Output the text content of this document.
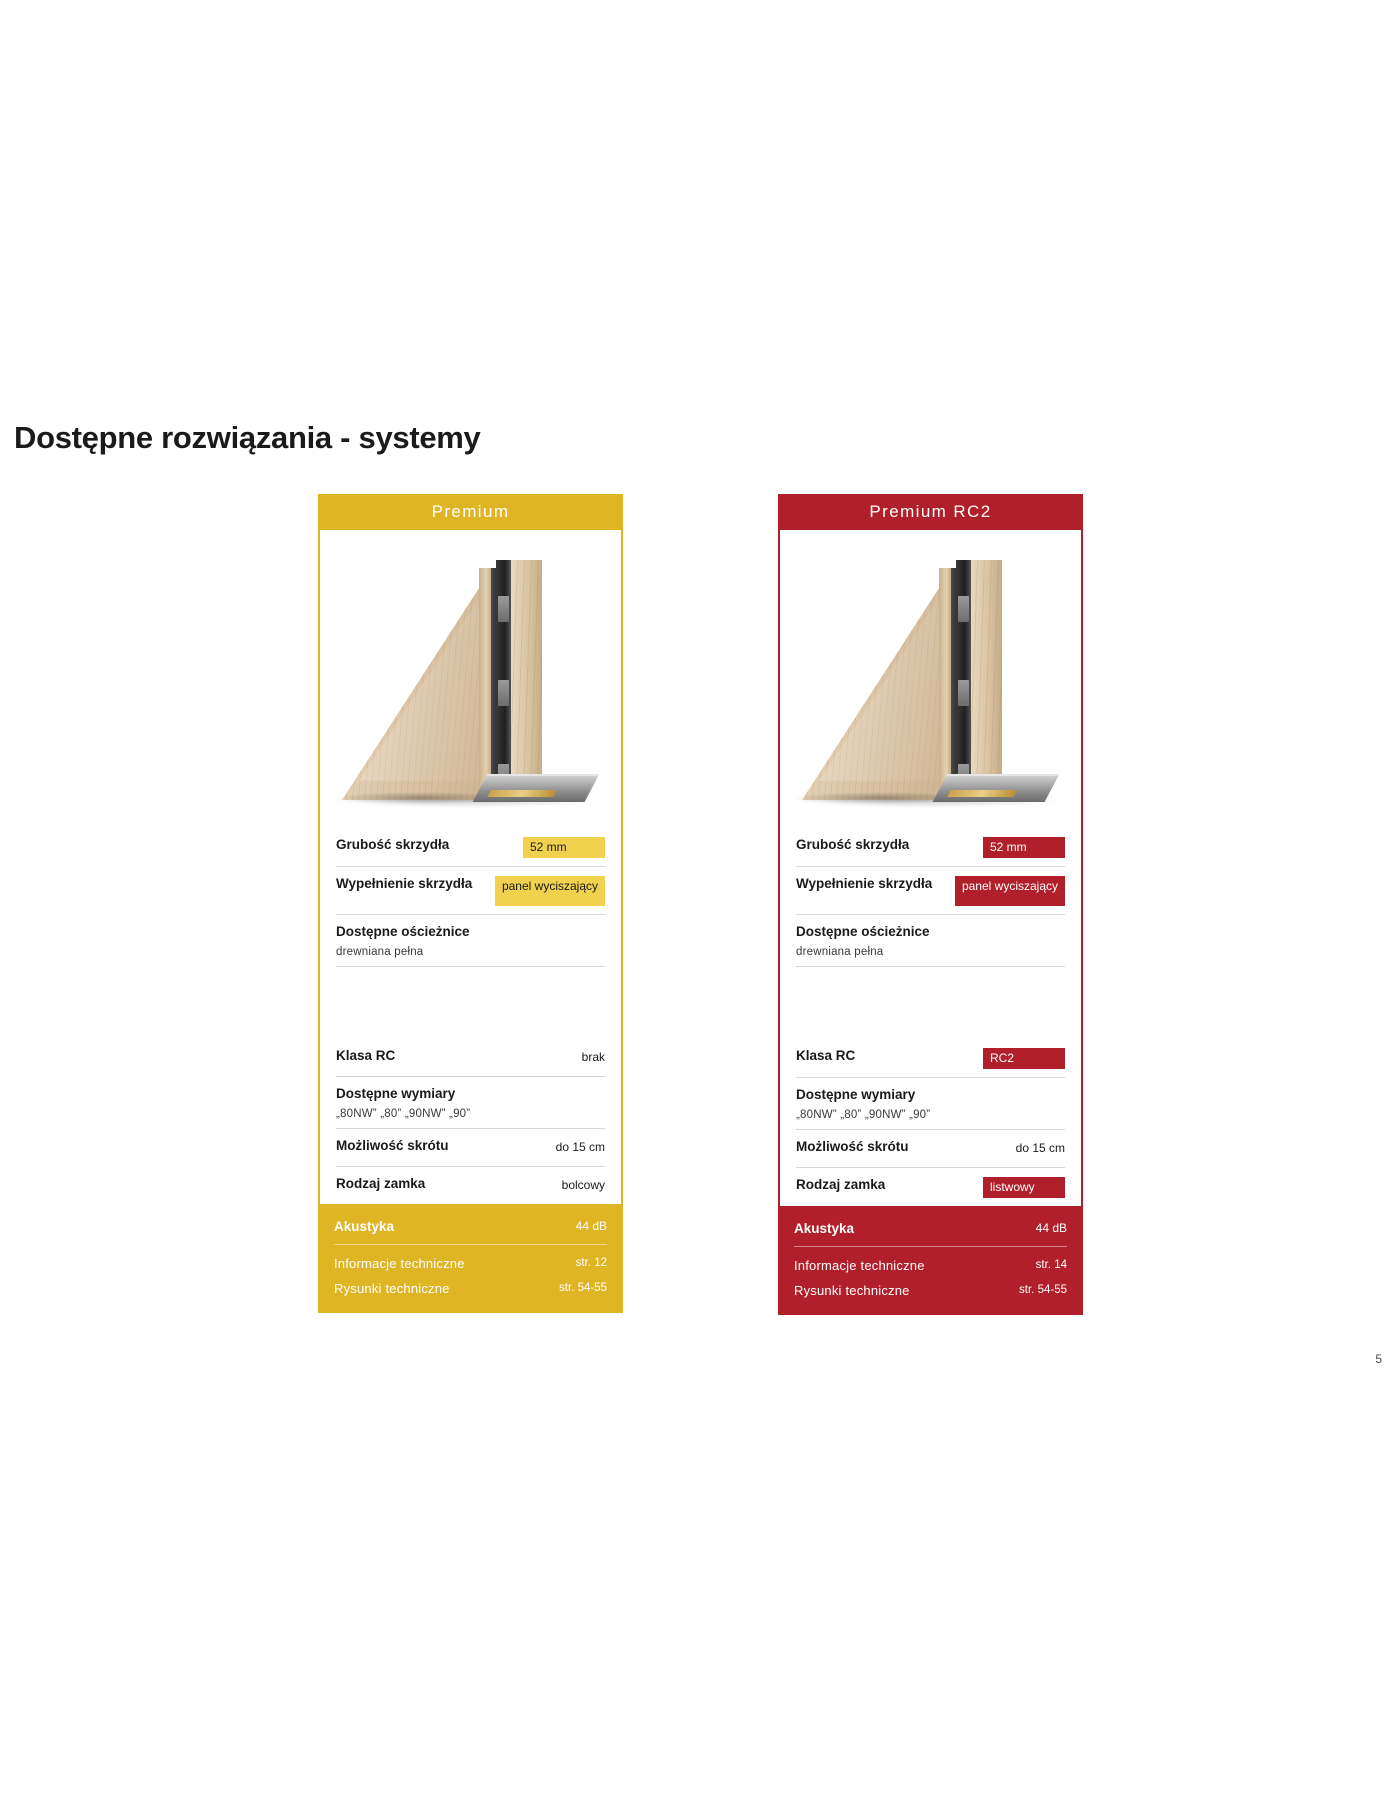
Dostępne rozwiązania - systemy
Premium
Grubość skrzydła	52 mm
Wypełnienie skrzydła	panel wyciszający
Dostępne ościeżnice
drewniana pełna
Klasa RC	brak
Dostępne wymiary
„80NW” „80” „90NW” „90”
Możliwość skrótu	do 15 cm
Rodzaj zamka	bolcowy
Akustyka	44 dB
Informacje techniczne	str. 12
Rysunki techniczne	str. 54-55
Premium RC2
Grubość skrzydła	52 mm
Wypełnienie skrzydła	panel wyciszający
Dostępne ościeżnice
drewniana pełna
Klasa RC	RC2
Dostępne wymiary
„80NW” „80” „90NW” „90”
Możliwość skrótu	do 15 cm
Rodzaj zamka	listwowy
Akustyka	44 dB
Informacje techniczne	str. 14
Rysunki techniczne	str. 54-55
5
